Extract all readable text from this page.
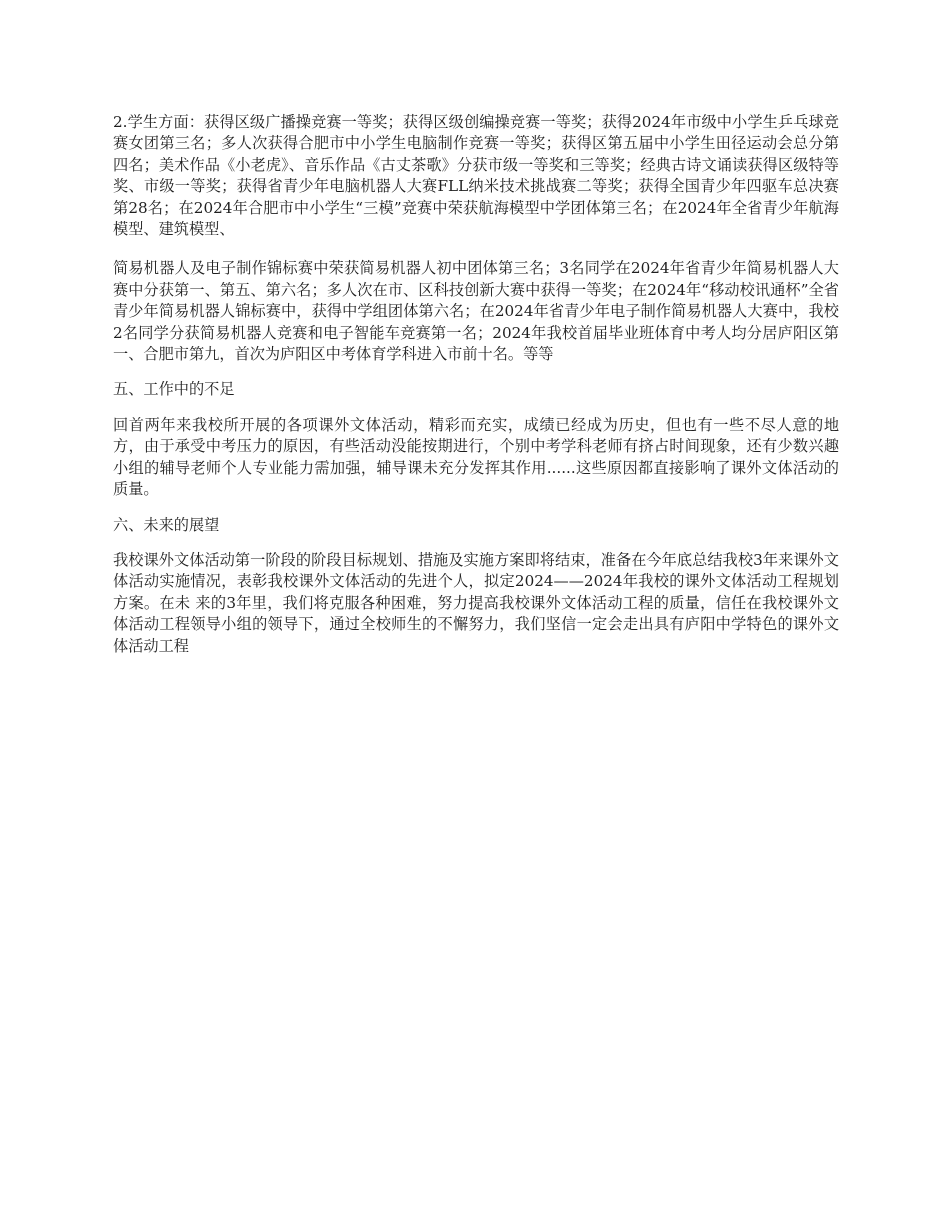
2.学生方面：获得区级广播操竞赛一等奖；获得区级创编操竞赛一等奖；获得2024年市级中小学生乒乓球竞赛女团第三名；多人次获得合肥市中小学生电脑制作竞赛一等奖；获得区第五届中小学生田径运动会总分第四名；美术作品《小老虎》、音乐作品《古丈茶歌》分获市级一等奖和三等奖；经典古诗文诵读获得区级特等奖、市级一等奖；获得省青少年电脑机器人大赛FLL纳米技术挑战赛二等奖；获得全国青少年四驱车总决赛第28名；在2024年合肥市中小学生“三模”竞赛中荣获航海模型中学团体第三名；在2024年全省青少年航海模型、建筑模型、

简易机器人及电子制作锦标赛中荣获简易机器人初中团体第三名；3名同学在2024年省青少年简易机器人大赛中分获第一、第五、第六名；多人次在市、区科技创新大赛中获得一等奖；在2024年“移动校讯通杯”全省青少年简易机器人锦标赛中，获得中学组团体第六名；在2024年省青少年电子制作简易机器人大赛中，我校2名同学分获简易机器人竞赛和电子智能车竞赛第一名；2024年我校首届毕业班体育中考人均分居庐阳区第一、合肥市第九，首次为庐阳区中考体育学科进入市前十名。等等

五、工作中的不足

回首两年来我校所开展的各项课外文体活动，精彩而充实，成绩已经成为历史，但也有一些不尽人意的地方，由于承受中考压力的原因，有些活动没能按期进行，个别中考学科老师有挤占时间现象，还有少数兴趣小组的辅导老师个人专业能力需加强，辅导课未充分发挥其作用......这些原因都直接影响了课外文体活动的质量。

六、未来的展望

我校课外文体活动第一阶段的阶段目标规划、措施及实施方案即将结束，准备在今年底总结我校3年来课外文体活动实施情况，表彰我校课外文体活动的先进个人，拟定2024——2024年我校的课外文体活动工程规划方案。在未 来的3年里，我们将克服各种困难，努力提高我校课外文体活动工程的质量，信任在我校课外文体活动工程领导小组的领导下，通过全校师生的不懈努力，我们坚信一定会走出具有庐阳中学特色的课外文体活动工程
